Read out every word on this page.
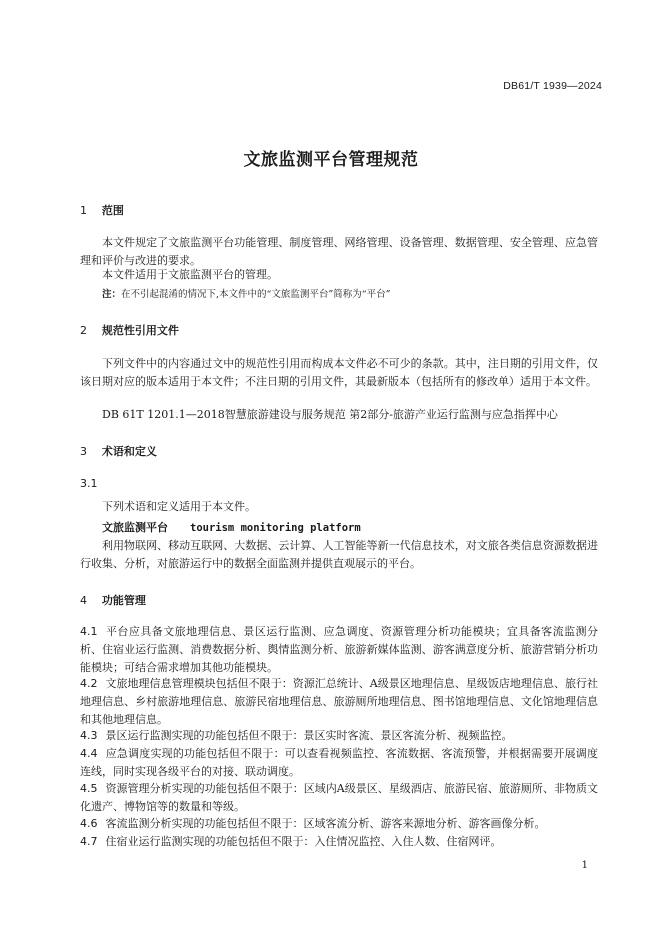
DB61/T 1939—2024
文旅监测平台管理规范
1 范围
本文件规定了文旅监测平台功能管理、制度管理、网络管理、设备管理、数据管理、安全管理、应急管理和评价与改进的要求。
本文件适用于文旅监测平台的管理。
注：在不引起混淆的情况下,本文件中的“文旅监测平台”简称为“平台”
2 规范性引用文件
下列文件中的内容通过文中的规范性引用而构成本文件必不可少的条款。其中，注日期的引用文件，仅该日期对应的版本适用于本文件；不注日期的引用文件，其最新版本（包括所有的修改单）适用于本文件。
DB 61T 1201.1—2018智慧旅游建设与服务规范 第2部分-旅游产业运行监测与应急指挥中心
3 术语和定义
3.1
下列术语和定义适用于本文件。
文旅监测平台 tourism monitoring platform
利用物联网、移动互联网、大数据、云计算、人工智能等新一代信息技术，对文旅各类信息资源数据进行收集、分析，对旅游运行中的数据全面监测并提供直观展示的平台。
4 功能管理
4.1 平台应具备文旅地理信息、景区运行监测、应急调度、资源管理分析功能模块；宜具备客流监测分析、住宿业运行监测、消费数据分析、舆情监测分析、旅游新媒体监测、游客满意度分析、旅游营销分析功能模块；可结合需求增加其他功能模块。
4.2 文旅地理信息管理模块包括但不限于：资源汇总统计、A级景区地理信息、星级饭店地理信息、旅行社地理信息、乡村旅游地理信息、旅游民宿地理信息、旅游厕所地理信息、图书馆地理信息、文化馆地理信息和其他地理信息。
4.3 景区运行监测实现的功能包括但不限于：景区实时客流、景区客流分析、视频监控。
4.4 应急调度实现的功能包括但不限于：可以查看视频监控、客流数据、客流预警，并根据需要开展调度连线，同时实现各级平台的对接、联动调度。
4.5 资源管理分析实现的功能包括但不限于：区域内A级景区、星级酒店、旅游民宿、旅游厕所、非物质文化遗产、博物馆等的数量和等级。
4.6 客流监测分析实现的功能包括但不限于：区域客流分析、游客来源地分析、游客画像分析。
4.7 住宿业运行监测实现的功能包括但不限于：入住情况监控、入住人数、住宿网评。
1
